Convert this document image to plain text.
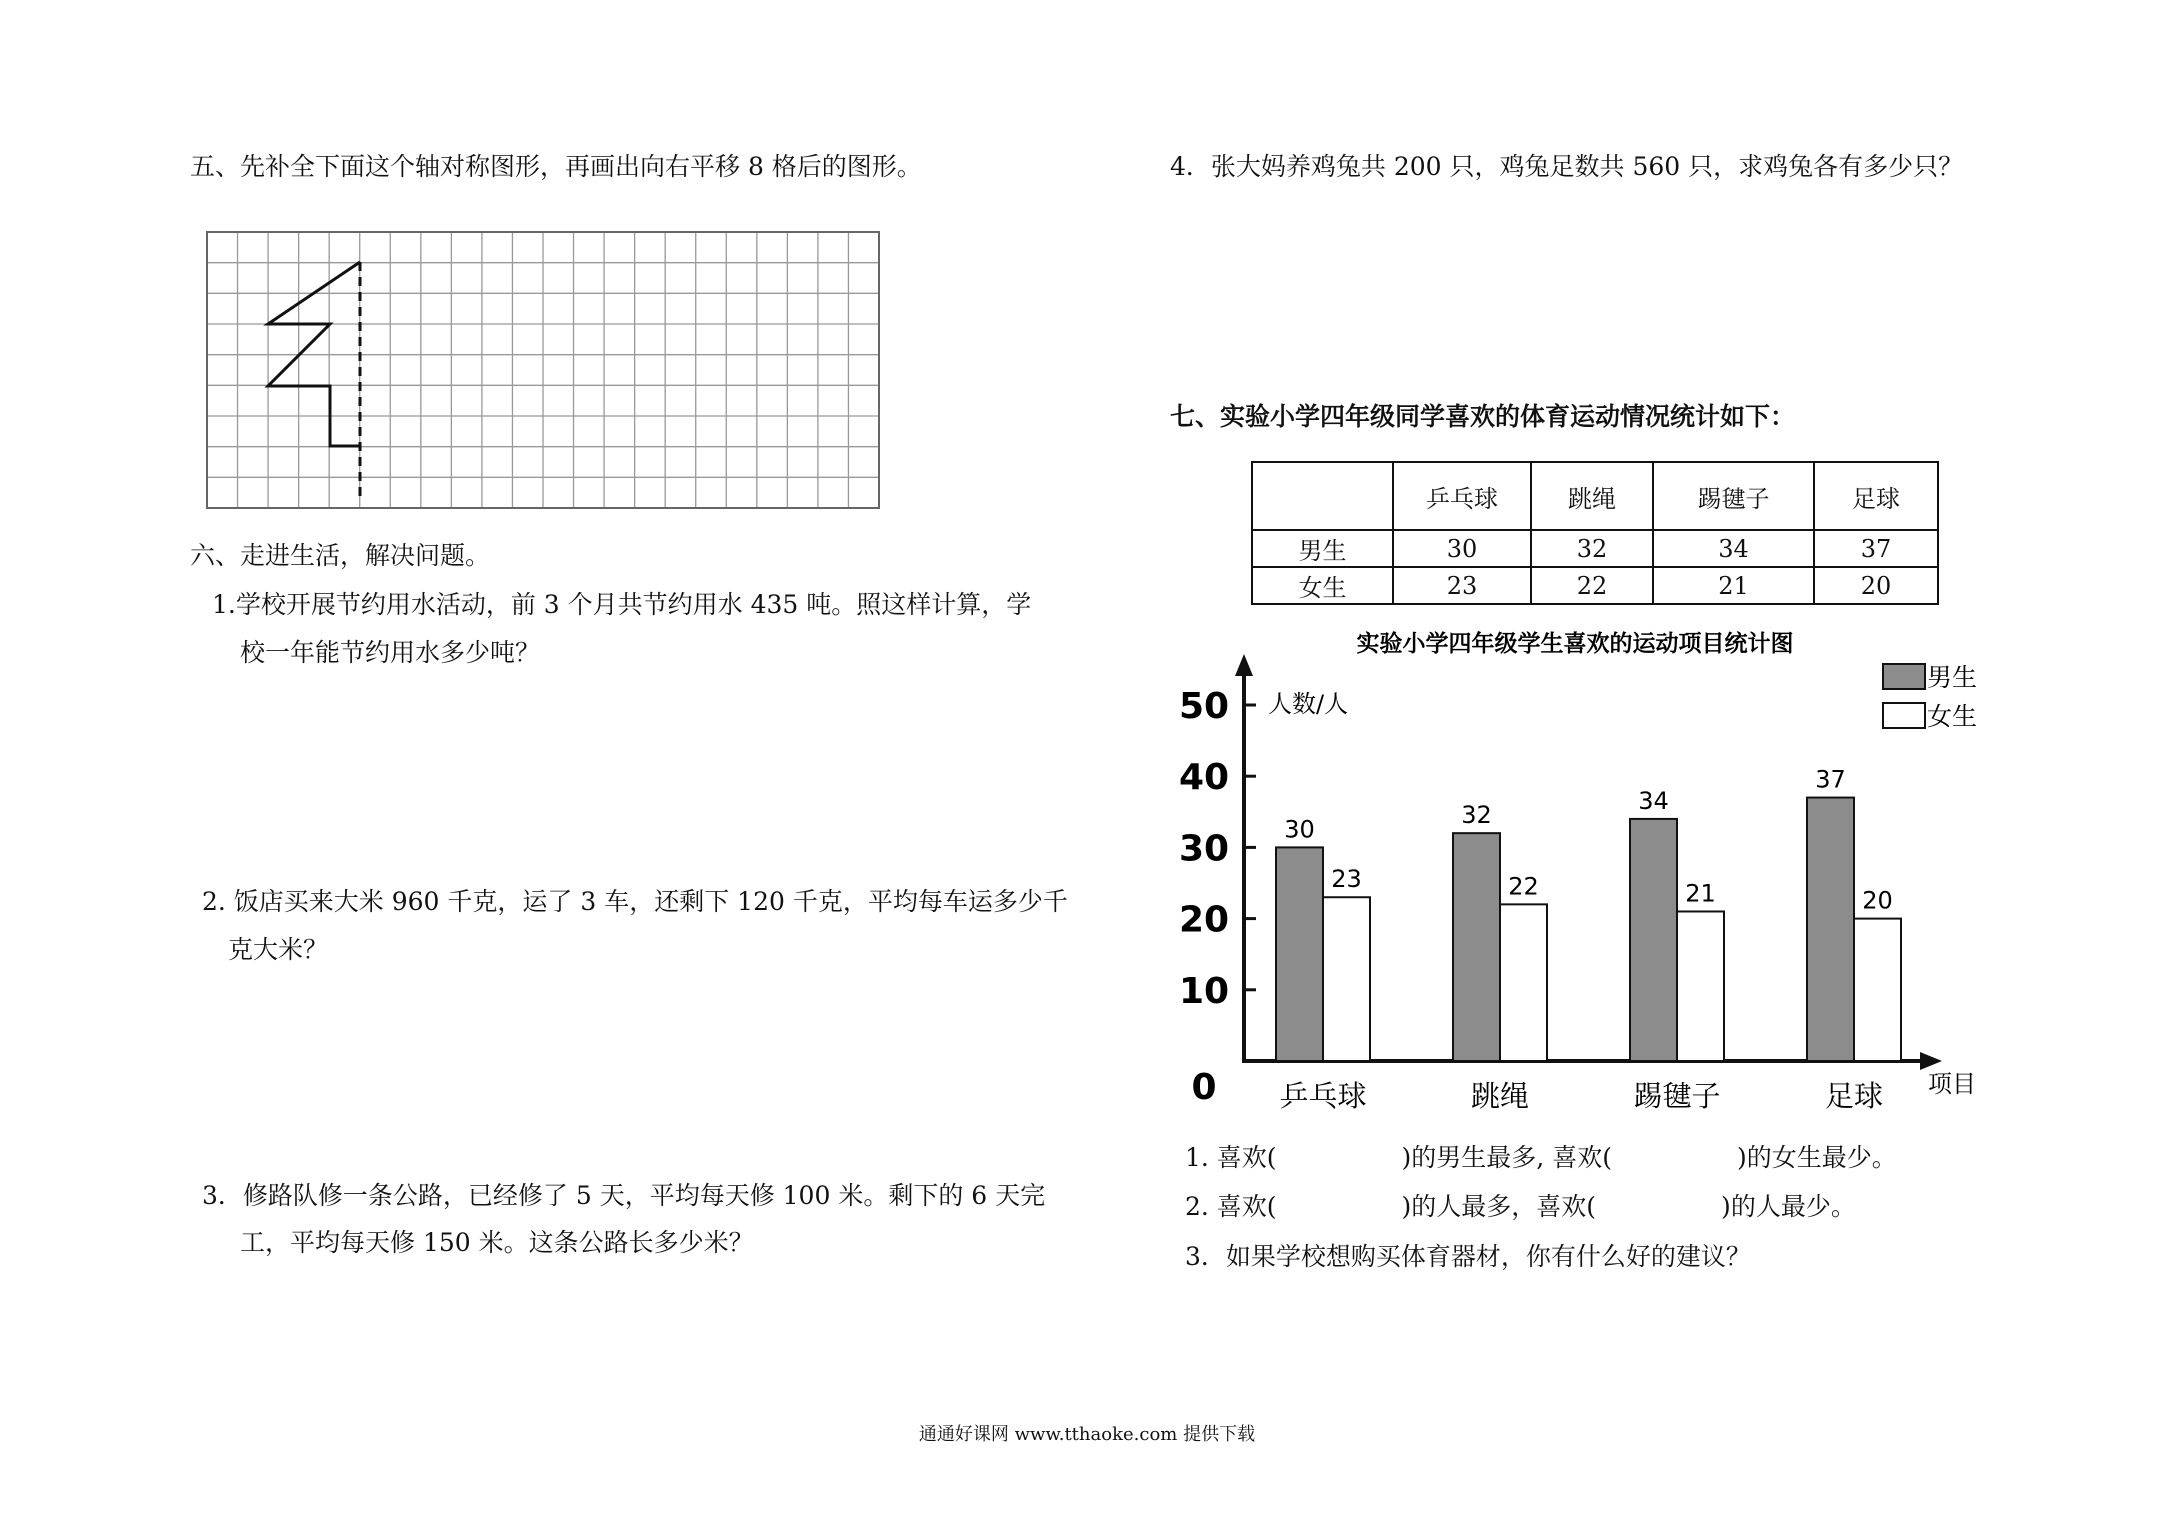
五、先补全下面这个轴对称图形，再画出向右平移 8 格后的图形。
六、走进生活，解决问题。
1.学校开展节约用水活动，前 3 个月共节约用水 435 吨。照这样计算，学
校一年能节约用水多少吨？
2. 饭店买来大米 960 千克，运了 3 车，还剩下 120 千克，平均每车运多少千
克大米？
3．修路队修一条公路，已经修了 5 天，平均每天修 100 米。剩下的 6 天完
工，平均每天修 150 米。这条公路长多少米？
4．张大妈养鸡兔共 200 只，鸡兔足数共 560 只，求鸡兔各有多少只？
七、实验小学四年级同学喜欢的体育运动情况统计如下：
	乒乓球	跳绳	踢毽子	足球
男生	30	32	34	37
女生	23	22	21	20
实验小学四年级学生喜欢的运动项目统计图
人数/人
项目
0
10
20
30
40
50
30
23
32
22
34
21
37
20
乒乓球	跳绳	踢毽子	足球
男生
女生
通通好课网 www.tthaoke.com 提供下载
1. 喜欢(　　　　　)的男生最多, 喜欢(　　　　　)的女生最少。
2. 喜欢(　　　　　)的人最多，喜欢(　　　　　)的人最少。
3．如果学校想购买体育器材，你有什么好的建议？
